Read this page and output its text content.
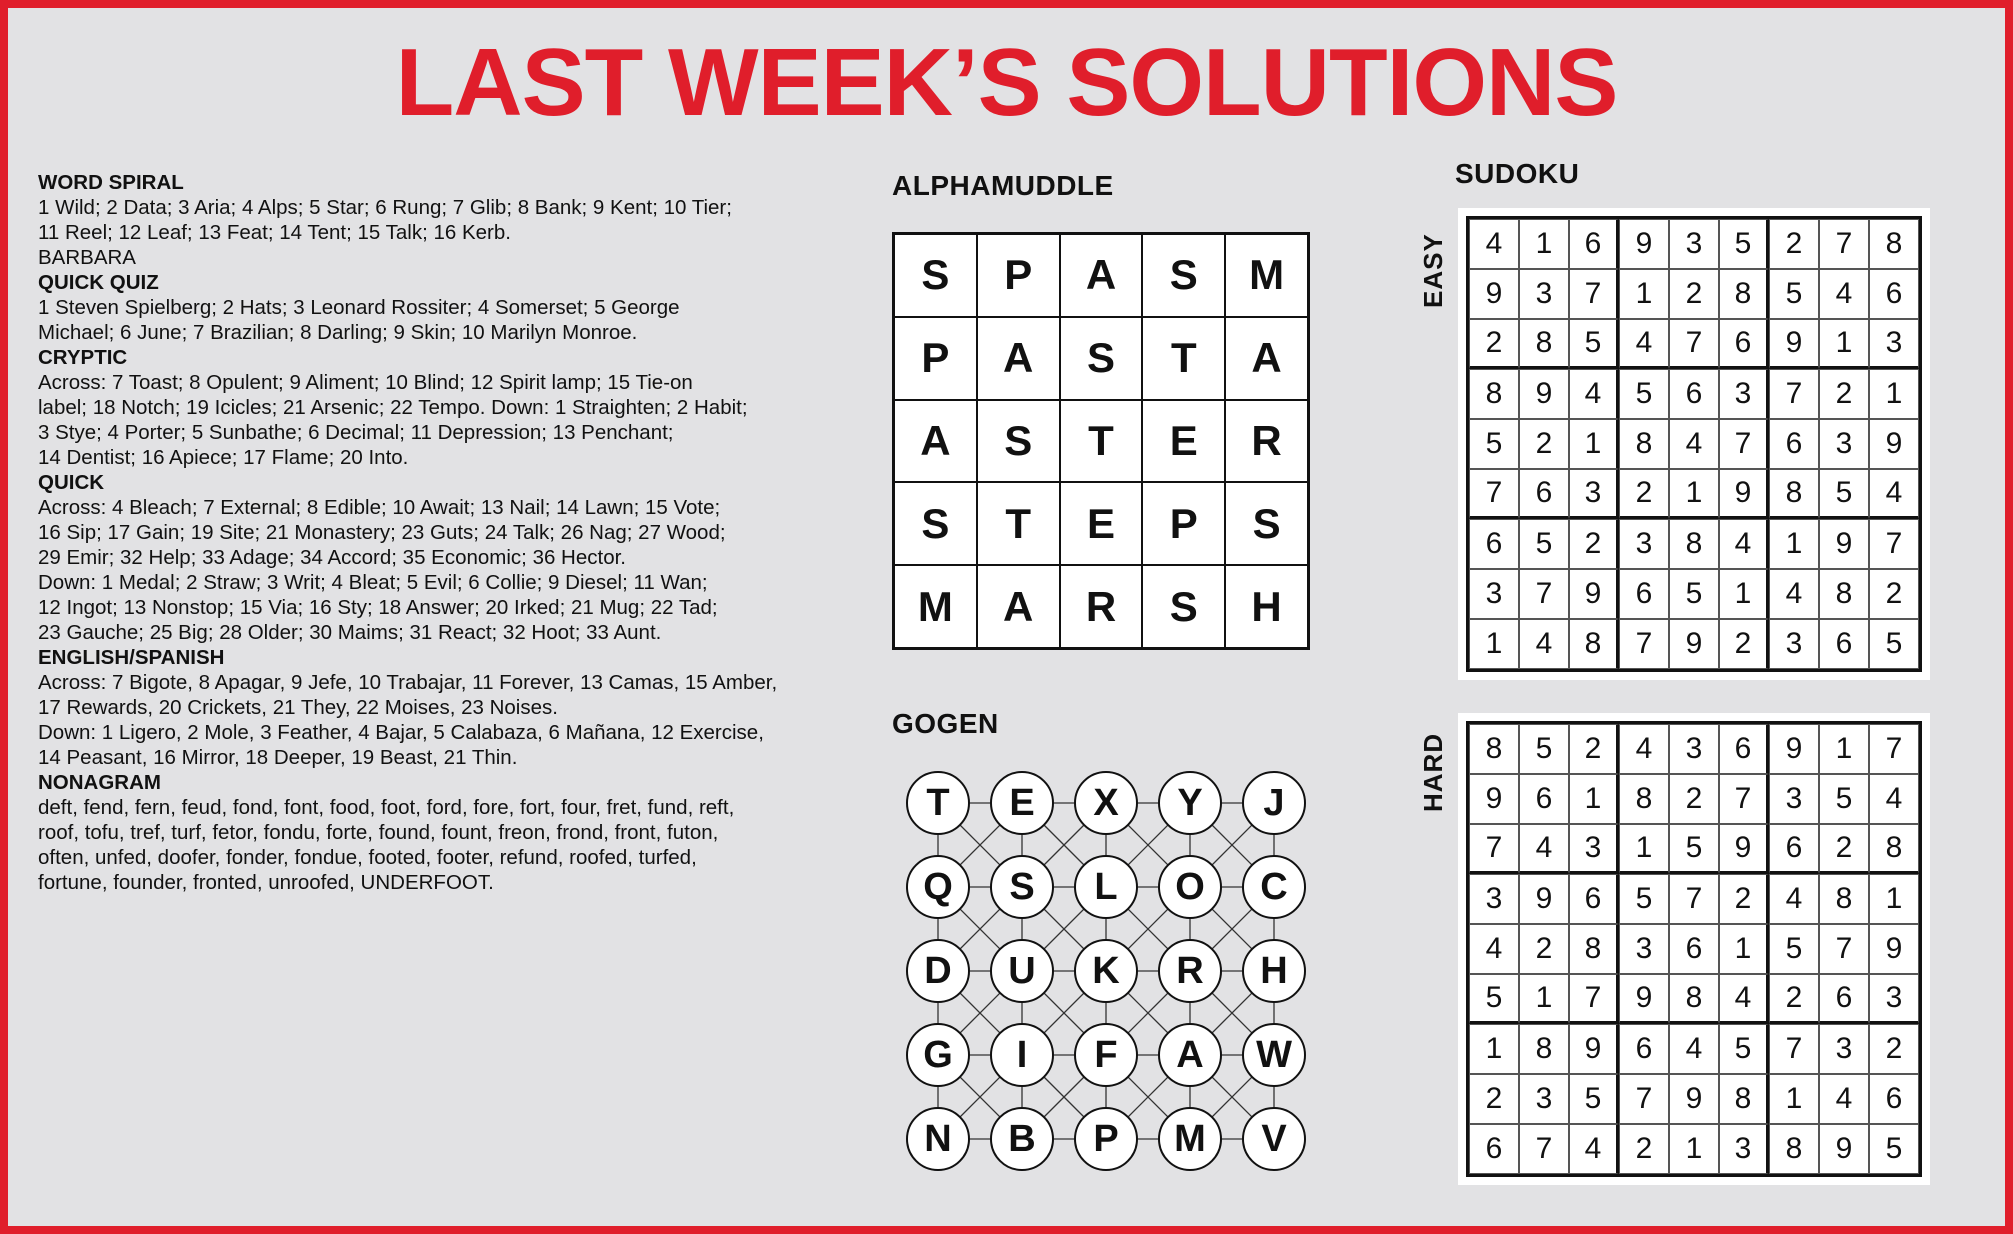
LAST WEEK’S SOLUTIONS
WORD SPIRAL
1 Wild; 2 Data; 3 Aria; 4 Alps; 5 Star; 6 Rung; 7 Glib; 8 Bank; 9 Kent; 10 Tier;
11 Reel; 12 Leaf; 13 Feat; 14 Tent; 15 Talk; 16 Kerb.
BARBARA
QUICK QUIZ
1 Steven Spielberg; 2 Hats; 3 Leonard Rossiter; 4 Somerset; 5 George
Michael; 6 June; 7 Brazilian; 8 Darling; 9 Skin; 10 Marilyn Monroe.
CRYPTIC
Across: 7 Toast; 8 Opulent; 9 Aliment; 10 Blind; 12 Spirit lamp; 15 Tie-on
label; 18 Notch; 19 Icicles; 21 Arsenic; 22 Tempo. Down: 1 Straighten; 2 Habit;
3 Stye; 4 Porter; 5 Sunbathe; 6 Decimal; 11 Depression; 13 Penchant;
14 Dentist; 16 Apiece; 17 Flame; 20 Into.
QUICK
Across: 4 Bleach; 7 External; 8 Edible; 10 Await; 13 Nail; 14 Lawn; 15 Vote;
16 Sip; 17 Gain; 19 Site; 21 Monastery; 23 Guts; 24 Talk; 26 Nag; 27 Wood;
29 Emir; 32 Help; 33 Adage; 34 Accord; 35 Economic; 36 Hector.
Down: 1 Medal; 2 Straw; 3 Writ; 4 Bleat; 5 Evil; 6 Collie; 9 Diesel; 11 Wan;
12 Ingot; 13 Nonstop; 15 Via; 16 Sty; 18 Answer; 20 Irked; 21 Mug; 22 Tad;
23 Gauche; 25 Big; 28 Older; 30 Maims; 31 React; 32 Hoot; 33 Aunt.
ENGLISH/SPANISH
Across: 7 Bigote, 8 Apagar, 9 Jefe, 10 Trabajar, 11 Forever, 13 Camas, 15 Amber,
17 Rewards, 20 Crickets, 21 They, 22 Moises, 23 Noises.
Down: 1 Ligero, 2 Mole, 3 Feather, 4 Bajar, 5 Calabaza, 6 Mañana, 12 Exercise,
14 Peasant, 16 Mirror, 18 Deeper, 19 Beast, 21 Thin.
NONAGRAM
deft, fend, fern, feud, fond, font, food, foot, ford, fore, fort, four, fret, fund, reft,
roof, tofu, tref, turf, fetor, fondu, forte, found, fount, freon, frond, front, futon,
often, unfed, doofer, fonder, fondue, footed, footer, refund, roofed, turfed,
fortune, founder, fronted, unroofed, UNDERFOOT.
ALPHAMUDDLE
S	P	A	S	M
P	A	S	T	A
A	S	T	E	R
S	T	E	P	S
M	A	R	S	H
GOGEN
T	E	X	Y	J
Q	S	L	O	C
D	U	K	R	H
G	I	F	A	W
N	B	P	M	V
SUDOKU
EASY	4	1	6	9	3	5	2	7	8
9	3	7	1	2	8	5	4	6
2	8	5	4	7	6	9	1	3
8	9	4	5	6	3	7	2	1
5	2	1	8	4	7	6	3	9
7	6	3	2	1	9	8	5	4
6	5	2	3	8	4	1	9	7
3	7	9	6	5	1	4	8	2
1	4	8	7	9	2	3	6	5
HARD	8	5	2	4	3	6	9	1	7
9	6	1	8	2	7	3	5	4
7	4	3	1	5	9	6	2	8
3	9	6	5	7	2	4	8	1
4	2	8	3	6	1	5	7	9
5	1	7	9	8	4	2	6	3
1	8	9	6	4	5	7	3	2
2	3	5	7	9	8	1	4	6
6	7	4	2	1	3	8	9	5
